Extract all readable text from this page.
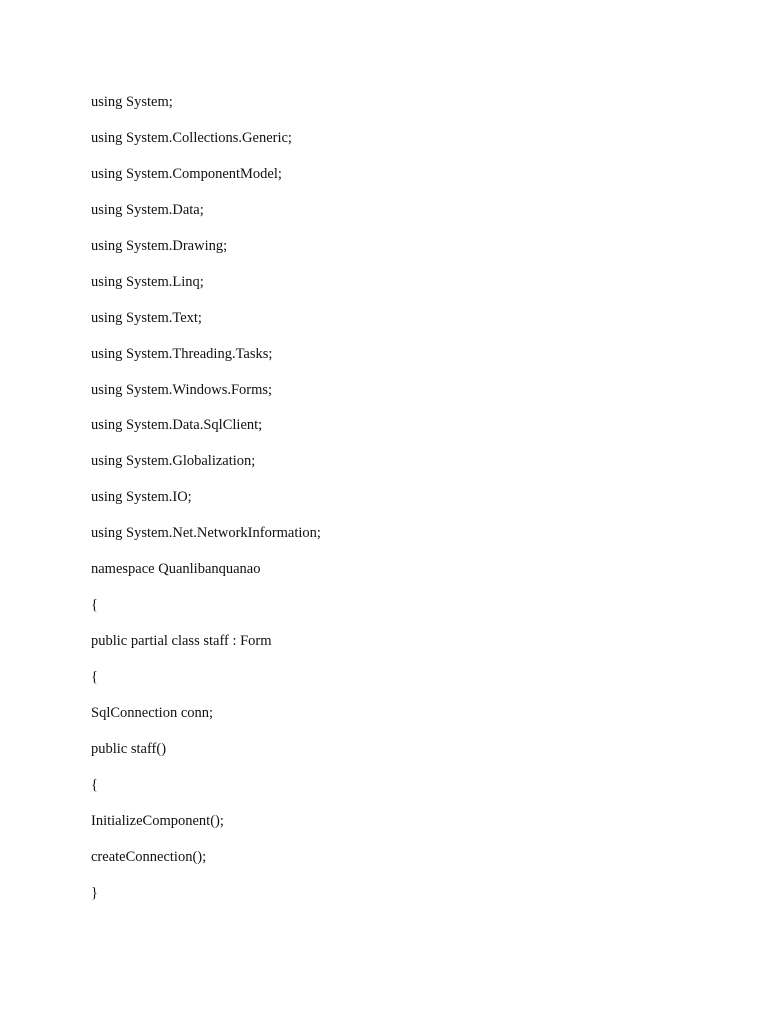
using System;
using System.Collections.Generic;
using System.ComponentModel;
using System.Data;
using System.Drawing;
using System.Linq;
using System.Text;
using System.Threading.Tasks;
using System.Windows.Forms;
using System.Data.SqlClient;
using System.Globalization;
using System.IO;
using System.Net.NetworkInformation;
namespace Quanlibanquanao
{
public partial class staff : Form
{
SqlConnection conn;
public staff()
{
InitializeComponent();
createConnection();
}
